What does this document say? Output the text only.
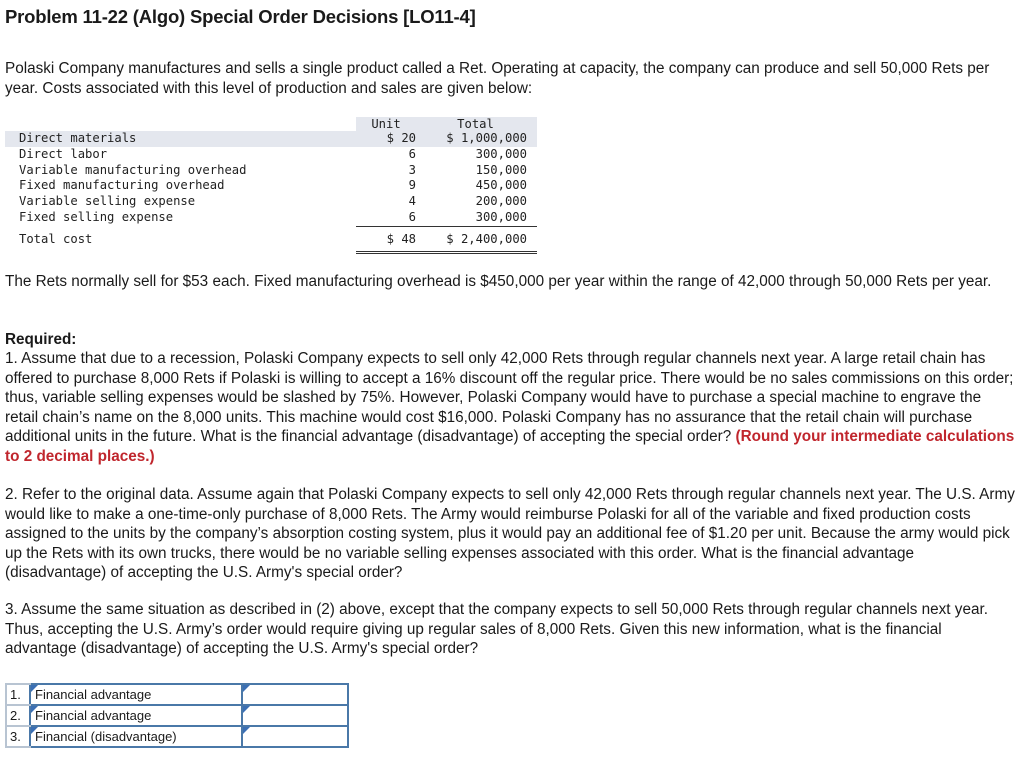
Problem 11-22 (Algo) Special Order Decisions [LO11-4]

Polaski Company manufactures and sells a single product called a Ret. Operating at capacity, the company can produce and sell 50,000 Rets per year. Costs associated with this level of production and sales are given below:

	Unit	Total
Direct materials	$ 20	$ 1,000,000
Direct labor	6	300,000
Variable manufacturing overhead	3	150,000
Fixed manufacturing overhead	9	450,000
Variable selling expense	4	200,000
Fixed selling expense	6	300,000
Total cost	$ 48	$ 2,400,000

The Rets normally sell for $53 each. Fixed manufacturing overhead is $450,000 per year within the range of 42,000 through 50,000 Rets per year.

Required:

1. Assume that due to a recession, Polaski Company expects to sell only 42,000 Rets through regular channels next year. A large retail chain has offered to purchase 8,000 Rets if Polaski is willing to accept a 16% discount off the regular price. There would be no sales commissions on this order; thus, variable selling expenses would be slashed by 75%. However, Polaski Company would have to purchase a special machine to engrave the retail chain’s name on the 8,000 units. This machine would cost $16,000. Polaski Company has no assurance that the retail chain will purchase additional units in the future. What is the financial advantage (disadvantage) of accepting the special order? (Round your intermediate calculations to 2 decimal places.)

2. Refer to the original data. Assume again that Polaski Company expects to sell only 42,000 Rets through regular channels next year. The U.S. Army would like to make a one-time-only purchase of 8,000 Rets. The Army would reimburse Polaski for all of the variable and fixed production costs assigned to the units by the company’s absorption costing system, plus it would pay an additional fee of $1.20 per unit. Because the army would pick up the Rets with its own trucks, there would be no variable selling expenses associated with this order. What is the financial advantage (disadvantage) of accepting the U.S. Army's special order?

3. Assume the same situation as described in (2) above, except that the company expects to sell 50,000 Rets through regular channels next year. Thus, accepting the U.S. Army’s order would require giving up regular sales of 8,000 Rets. Given this new information, what is the financial advantage (disadvantage) of accepting the U.S. Army's special order?

1.	Financial advantage	

2.	Financial advantage	

3.	Financial (disadvantage)	
